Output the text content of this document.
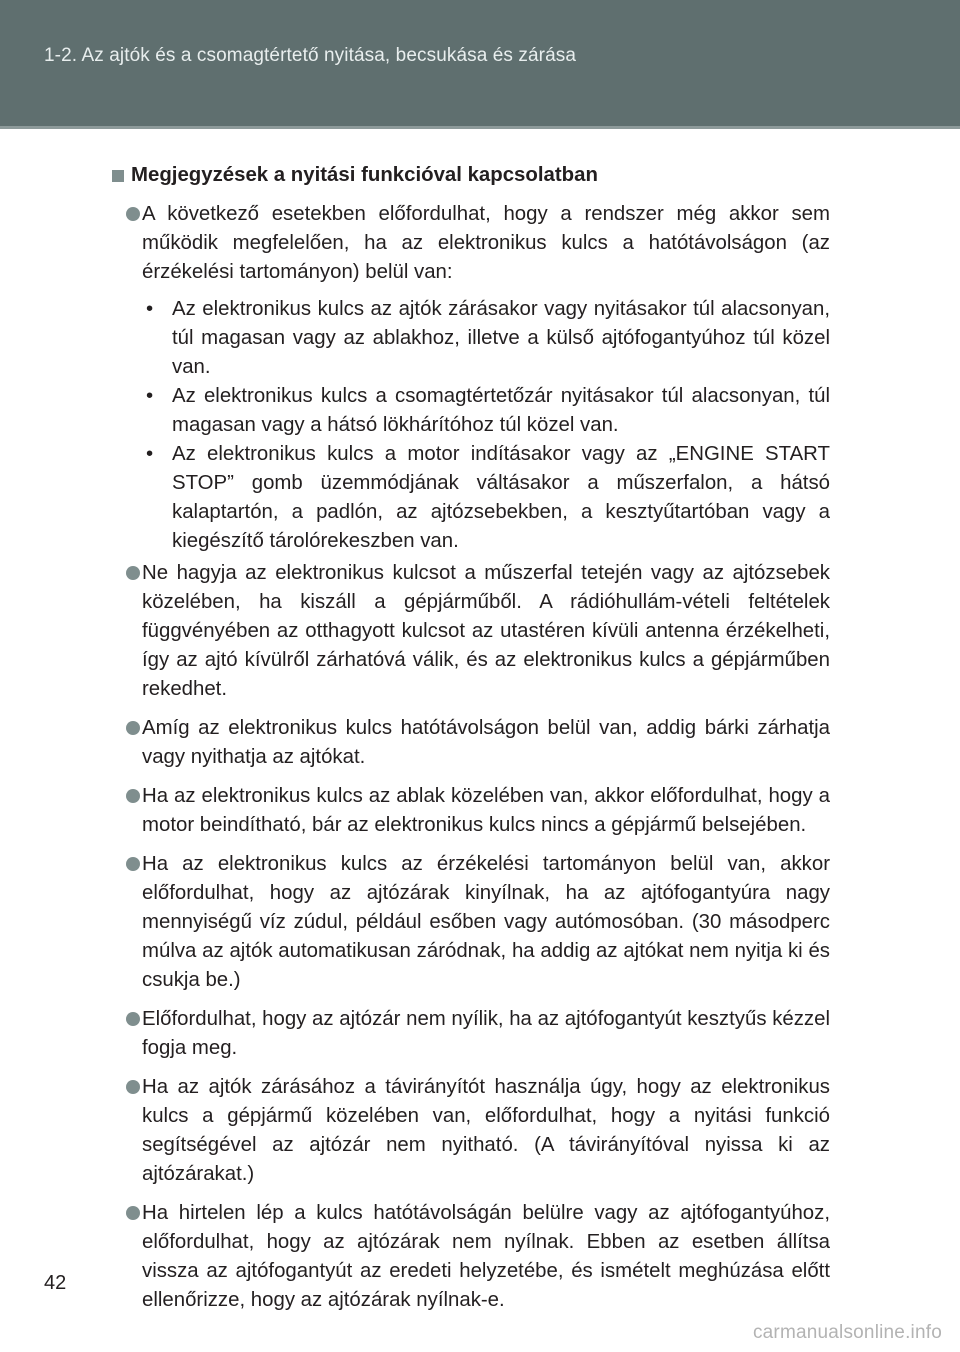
1-2. Az ajtók és a csomagtértető nyitása, becsukása és zárása
Megjegyzések a nyitási funkcióval kapcsolatban
A következő esetekben előfordulhat, hogy a rendszer még akkor sem működik megfelelően, ha az elektronikus kulcs a hatótávolságon (az érzékelési tartományon) belül van:
• Az elektronikus kulcs az ajtók zárásakor vagy nyitásakor túl alacsonyan, túl magasan vagy az ablakhoz, illetve a külső ajtófogantyúhoz túl közel van.
• Az elektronikus kulcs a csomagtértetőzár nyitásakor túl alacsonyan, túl magasan vagy a hátsó lökhárítóhoz túl közel van.
• Az elektronikus kulcs a motor indításakor vagy az „ENGINE START STOP” gomb üzemmódjának váltásakor a műszerfalon, a hátsó kalaptartón, a padlón, az ajtózsebekben, a kesztyűtartóban vagy a kiegészítő tárolórekeszben van.
Ne hagyja az elektronikus kulcsot a műszerfal tetején vagy az ajtózsebek közelében, ha kiszáll a gépjárműből. A rádióhullám-vételi feltételek függvényében az otthagyott kulcsot az utastéren kívüli antenna érzékelheti, így az ajtó kívülről zárhatóvá válik, és az elektronikus kulcs a gépjárműben rekedhet.
Amíg az elektronikus kulcs hatótávolságon belül van, addig bárki zárhatja vagy nyithatja az ajtókat.
Ha az elektronikus kulcs az ablak közelében van, akkor előfordulhat, hogy a motor beindítható, bár az elektronikus kulcs nincs a gépjármű belsejében.
Ha az elektronikus kulcs az érzékelési tartományon belül van, akkor előfordulhat, hogy az ajtózárak kinyílnak, ha az ajtófogantyúra nagy mennyiségű víz zúdul, például esőben vagy autómosóban. (30 másodperc múlva az ajtók automatikusan záródnak, ha addig az ajtókat nem nyitja ki és csukja be.)
Előfordulhat, hogy az ajtózár nem nyílik, ha az ajtófogantyút kesztyűs kézzel fogja meg.
Ha az ajtók zárásához a távirányítót használja úgy, hogy az elektronikus kulcs a gépjármű közelében van, előfordulhat, hogy a nyitási funkció segítségével az ajtózár nem nyitható. (A távirányítóval nyissa ki az ajtózárakat.)
Ha hirtelen lép a kulcs hatótávolságán belülre vagy az ajtófogantyúhoz, előfordulhat, hogy az ajtózárak nem nyílnak. Ebben az esetben állítsa vissza az ajtófogantyút az eredeti helyzetébe, és ismételt meghúzása előtt ellenőrizze, hogy az ajtózárak nyílnak-e.
42
carmanualsonline.info
